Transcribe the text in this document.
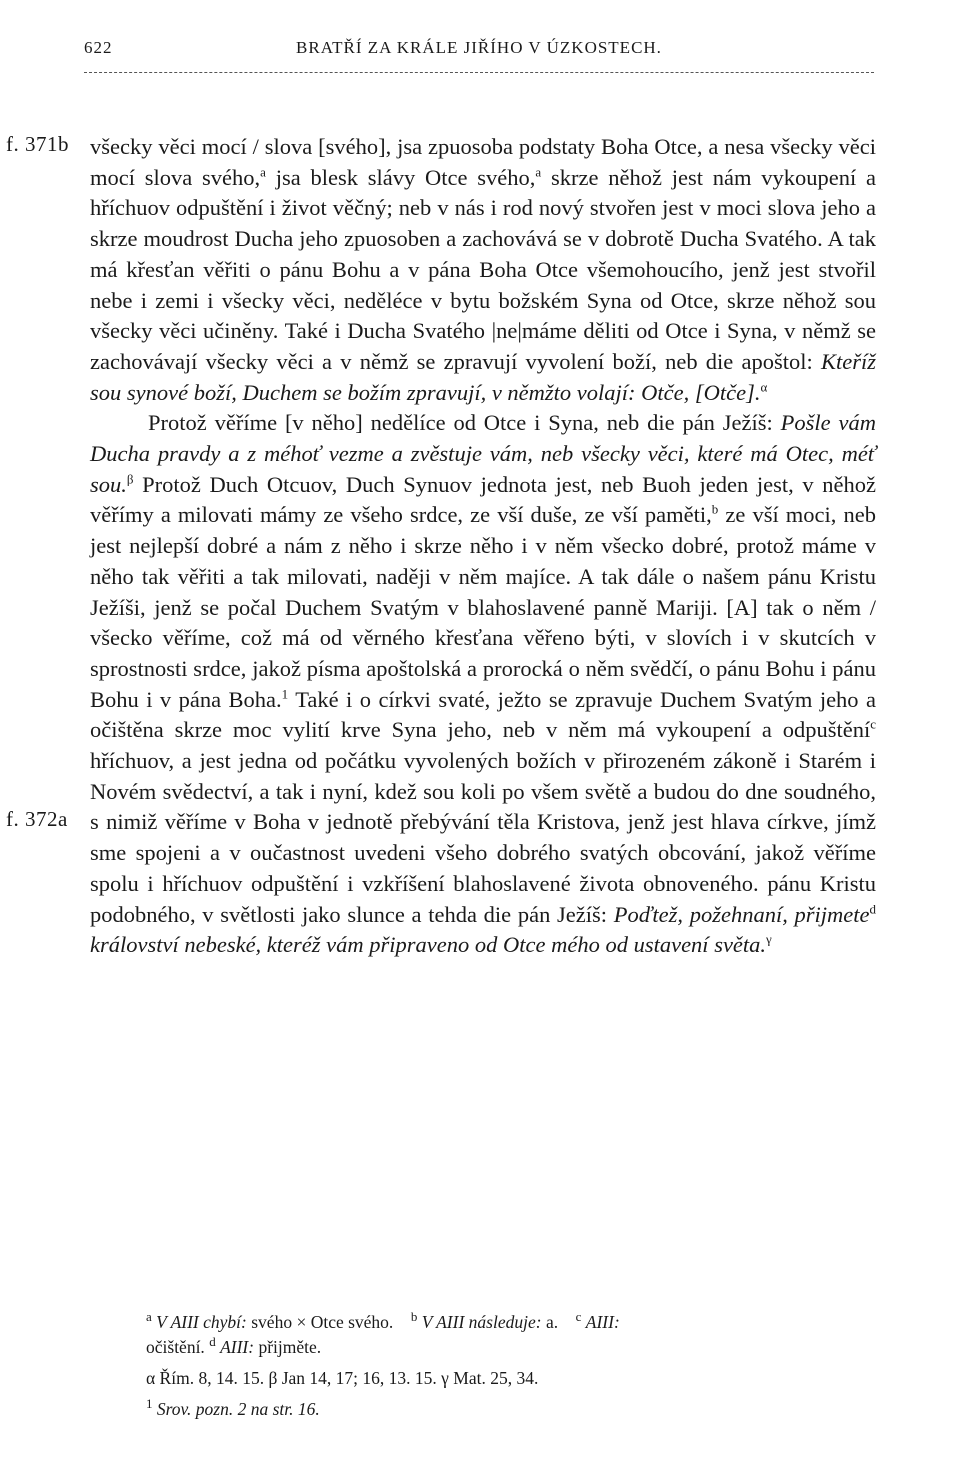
622	BRATŘÍ ZA KRÁLE JIŘÍHO V ÚZKOSTECH.
f. 371b
f. 372a

všecky věci mocí / slova [svého], jsa zpuosoba podstaty Boha Otce, a nesa všecky věci mocí slova svého,$^a$ jsa blesk slávy Otce svého,$^a$ skrze něhož jest nám vykoupení a hříchuov odpuštění i život věčný; neb v nás i rod nový stvořen jest v moci slova jeho a skrze moudrost Ducha jeho zpuosoben a zachovává se v dobrotě Ducha Svatého. A tak má křesťan věřiti o pánu Bohu a v pána Boha Otce všemohoucího, jenž jest stvořil nebe i zemi i všecky věci, neděléce v bytu božském Syna od Otce, skrze něhož sou všecky věci učiněny. Také i Ducha Svatého |ne|máme děliti od Otce i Syna, v němž se zachovávají všecky věci a v němž se zpravují vyvolení boží, neb die apoštol: Kteříž sou synové boží, Duchem se božím zpravují, v němžto volají: Otče, [Otče].$^\alpha$

Protož věříme [v něho] nedělíce od Otce i Syna, neb die pán Ježíš: Pošle vám Ducha pravdy a z méhoť vezme a zvěstuje vám, neb všecky věci, které má Otec, méť sou.$^\beta$ Protož Duch Otcuov, Duch Synuov jednota jest, neb Buoh jeden jest, v něhož věřímy a milovati mámy ze všeho srdce, ze vší duše, ze vší paměti,$^b$ ze vší moci, neb jest nejlepší dobré a nám z něho i skrze něho i v něm všecko dobré, protož máme v něho tak věřiti a tak milovati, naději v něm majíce. A tak dále o našem pánu Kristu Ježíši, jenž se počal Duchem Svatým v blahoslavené panně Mariji. [A] tak o něm / všecko věříme, což má od věrného křesťana věřeno býti, v slovích i v skutcích v sprostnosti srdce, jakož písma apoštolská a prorocká o něm svědčí, o pánu Bohu i pánu Bohu i v pána Boha.$^1$ Také i o církvi svaté, ježto se zpravuje Duchem Svatým jeho a očištěna skrze moc vylití krve Syna jeho, neb v něm má vykoupení a odpuštění$^c$ hříchuov, a jest jedna od počátku vyvolených božích v přirozeném zákoně i Starém i Novém svědectví, a tak i nyní, kdež sou koli po všem světě a budou do dne soudného, s nimiž věříme v Boha v jednotě přebývání těla Kristova, jenž jest hlava církve, jímž sme spojeni a v oučastnost uvedeni všeho dobrého svatých obcování, jakož věříme spolu i hříchuov odpuštění i vzkříšení blahoslavené života obnoveného. pánu Kristu podobného, v světlosti jako slunce a tehda die pán Ježíš: Poďtež, požehnaní, přijmete$^d$ království nebeské, kteréž vám připraveno od Otce mého od ustavení světa.$^\gamma$

$^a$ V AIII chybí: svého × Otce svého. $^b$ V AIII následuje: a. $^c$ AIII:
očištění. $^d$ AIII: přijměte.

α Řím. 8, 14. 15. β Jan 14, 17; 16, 13. 15. γ Mat. 25, 34.

$^1$ Srov. pozn. 2 na str. 16.
